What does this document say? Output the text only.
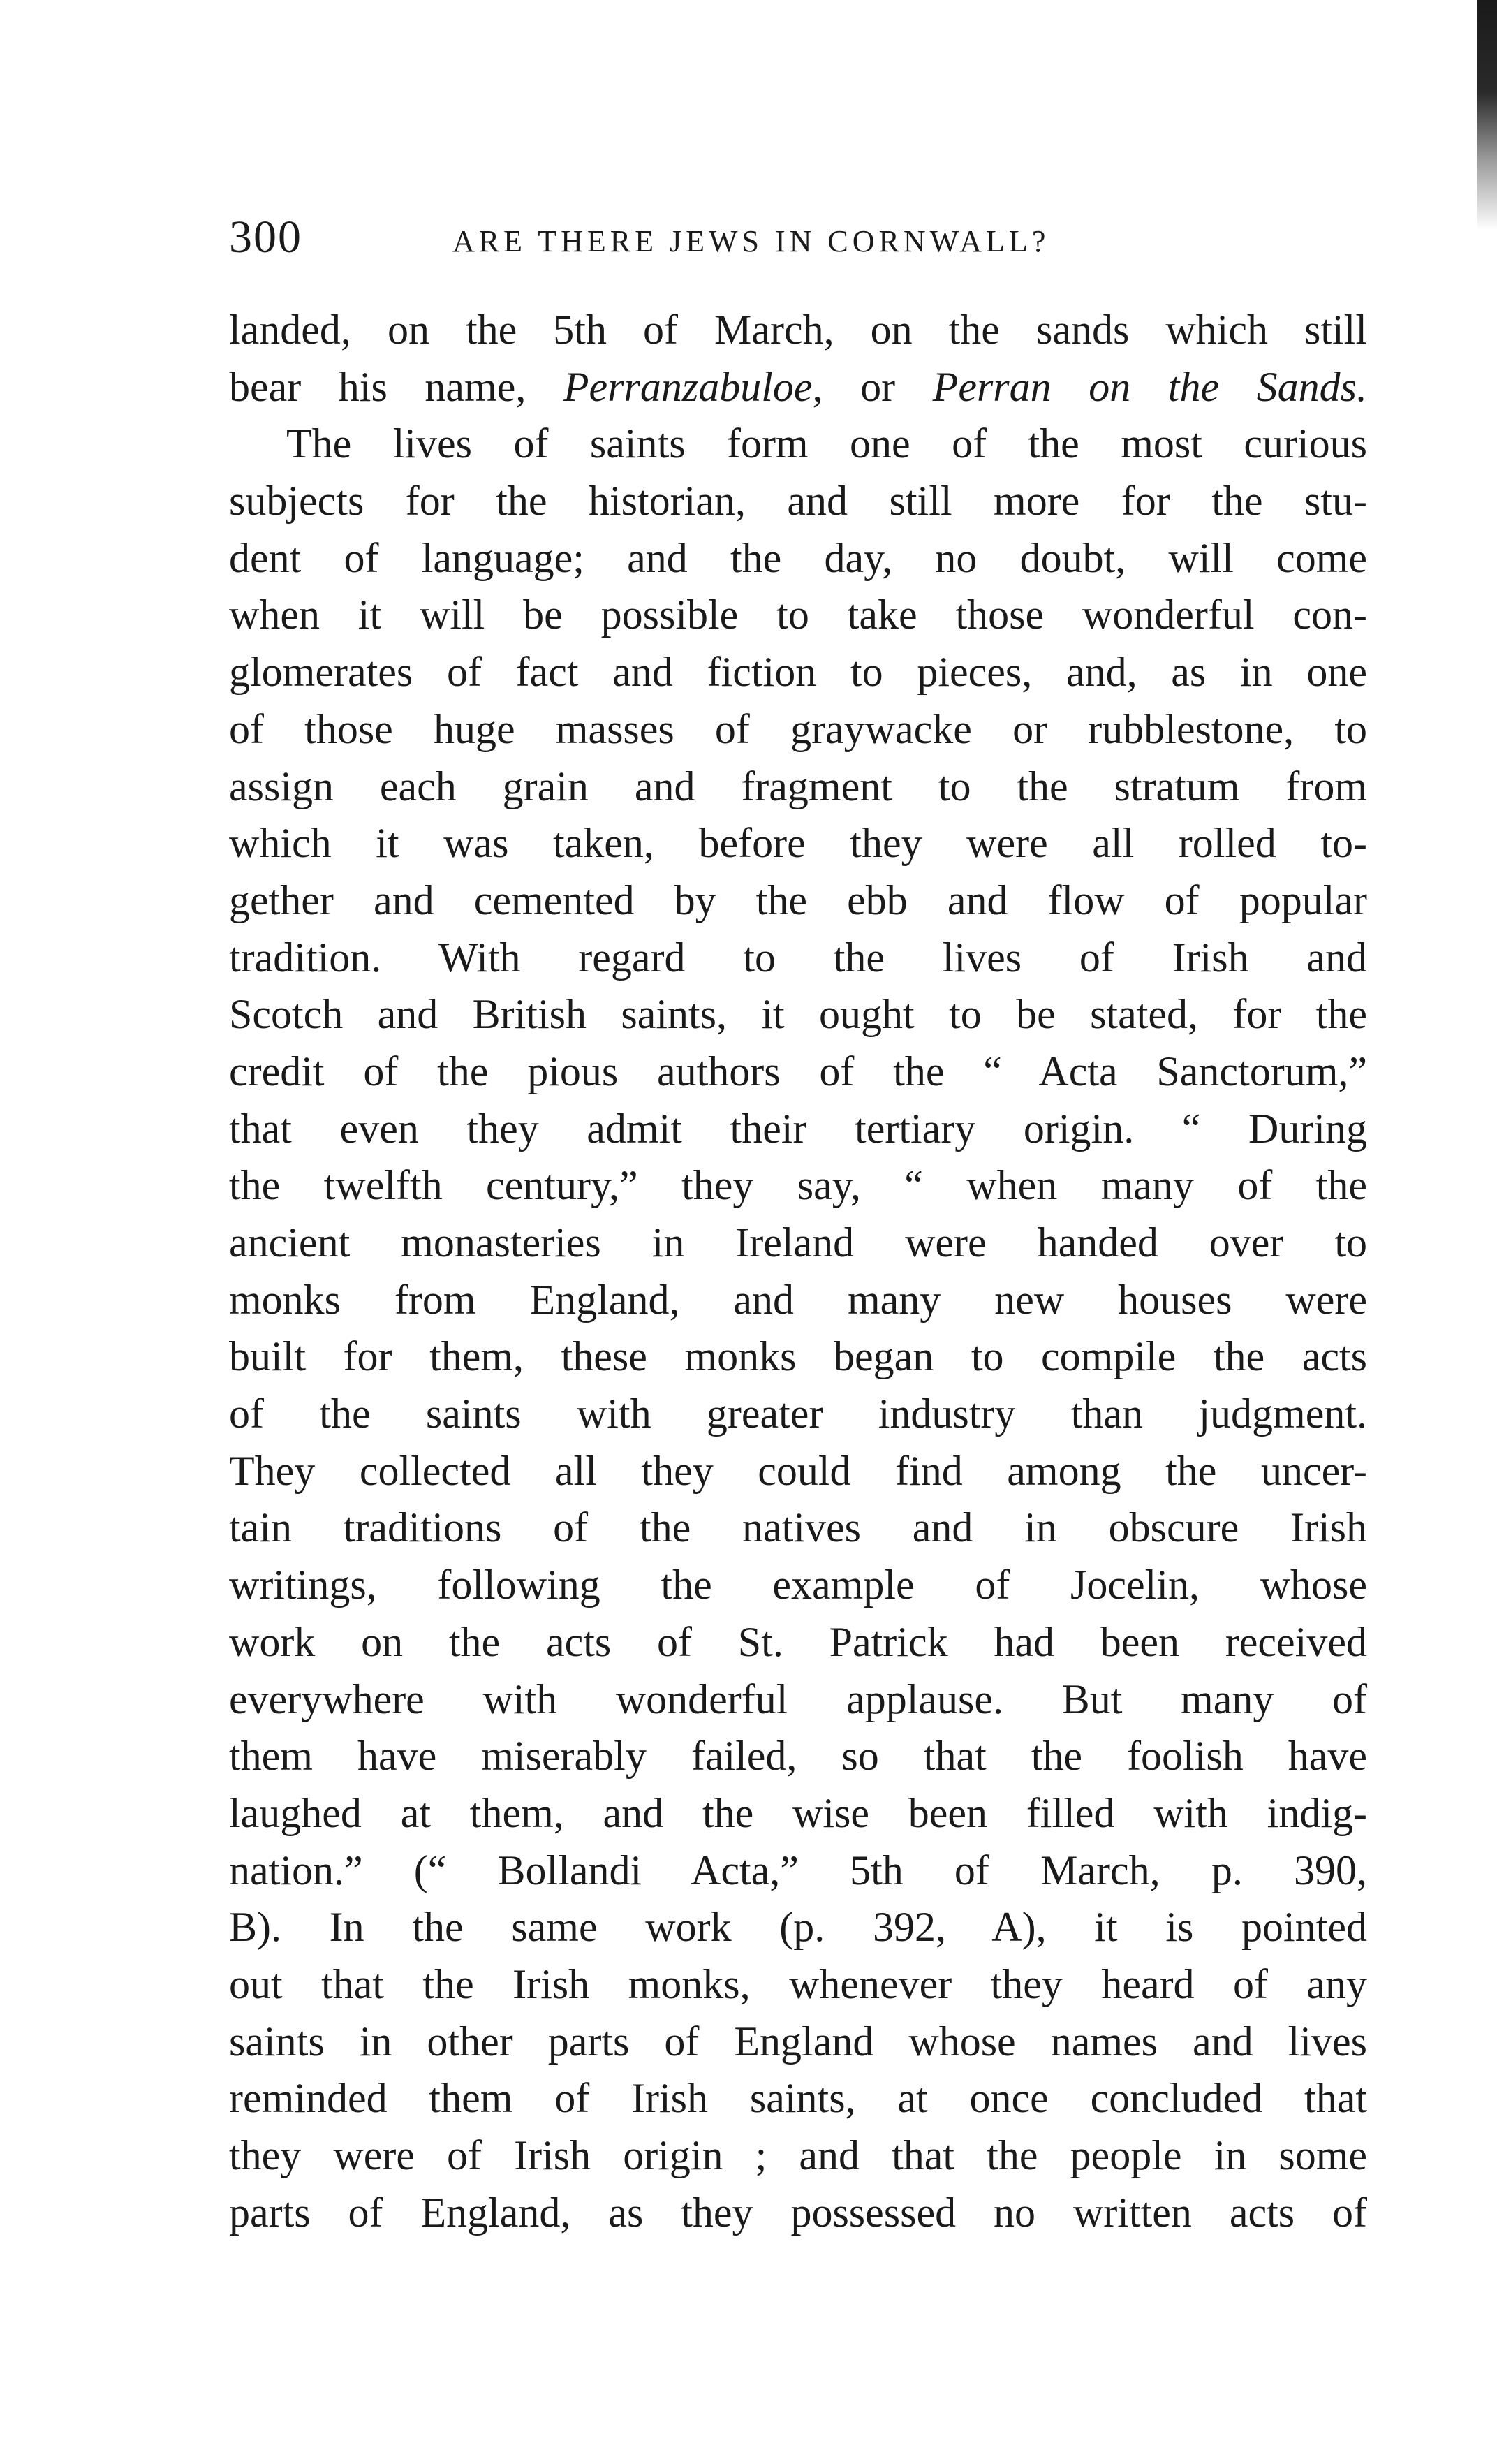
300	ARE THERE JEWS IN CORNWALL?
landed, on the 5th of March, on the sands which still
bear his name, Perranzabuloe, or Perran on the Sands.
The lives of saints form one of the most curious
subjects for the historian, and still more for the stu-
dent of language; and the day, no doubt, will come
when it will be possible to take those wonderful con-
glomerates of fact and fiction to pieces, and, as in one
of those huge masses of graywacke or rubblestone, to
assign each grain and fragment to the stratum from
which it was taken, before they were all rolled to-
gether and cemented by the ebb and flow of popular
tradition. With regard to the lives of Irish and
Scotch and British saints, it ought to be stated, for the
credit of the pious authors of the “ Acta Sanctorum,”
that even they admit their tertiary origin. “ During
the twelfth century,” they say, “ when many of the
ancient monasteries in Ireland were handed over to
monks from England, and many new houses were
built for them, these monks began to compile the acts
of the saints with greater industry than judgment.
They collected all they could find among the uncer-
tain traditions of the natives and in obscure Irish
writings, following the example of Jocelin, whose
work on the acts of St. Patrick had been received
everywhere with wonderful applause. But many of
them have miserably failed, so that the foolish have
laughed at them, and the wise been filled with indig-
nation.” (“ Bollandi Acta,” 5th of March, p. 390,
B). In the same work (p. 392, A), it is pointed
out that the Irish monks, whenever they heard of any
saints in other parts of England whose names and lives
reminded them of Irish saints, at once concluded that
they were of Irish origin ; and that the people in some
parts of England, as they possessed no written acts of
